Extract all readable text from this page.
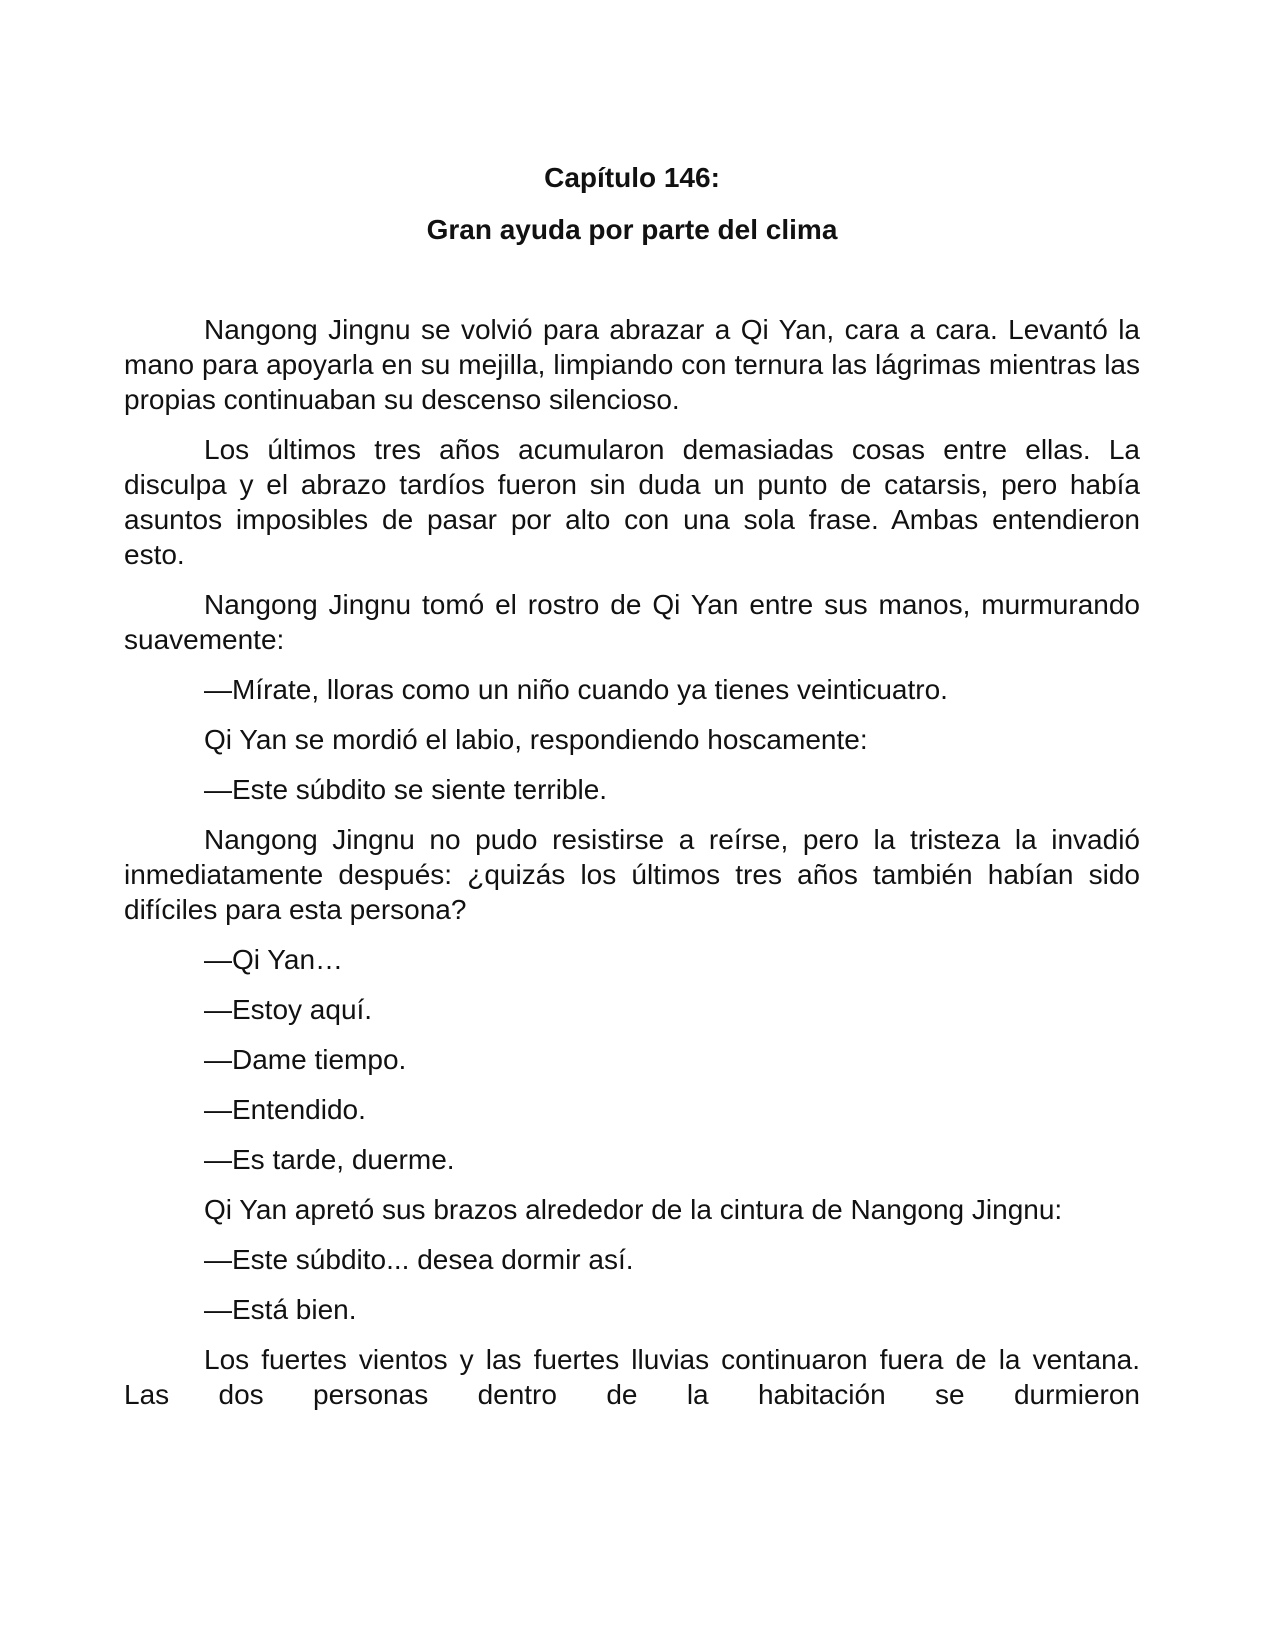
Capítulo 146:
Gran ayuda por parte del clima

Nangong Jingnu se volvió para abrazar a Qi Yan, cara a cara. Levantó la mano para apoyarla en su mejilla, limpiando con ternura las lágrimas mientras las propias continuaban su descenso silencioso.

Los últimos tres años acumularon demasiadas cosas entre ellas. La disculpa y el abrazo tardíos fueron sin duda un punto de catarsis, pero había asuntos imposibles de pasar por alto con una sola frase. Ambas entendieron esto.

Nangong Jingnu tomó el rostro de Qi Yan entre sus manos, murmurando suavemente:

—Mírate, lloras como un niño cuando ya tienes veinticuatro.

Qi Yan se mordió el labio, respondiendo hoscamente:

—Este súbdito se siente terrible.

Nangong Jingnu no pudo resistirse a reírse, pero la tristeza la invadió inmediatamente después: ¿quizás los últimos tres años también habían sido difíciles para esta persona?

—Qi Yan…

—Estoy aquí.

—Dame tiempo.

—Entendido.

—Es tarde, duerme.

Qi Yan apretó sus brazos alrededor de la cintura de Nangong Jingnu:

—Este súbdito... desea dormir así.

—Está bien.

Los fuertes vientos y las fuertes lluvias continuaron fuera de la ventana. Las dos personas dentro de la habitación se durmieron
